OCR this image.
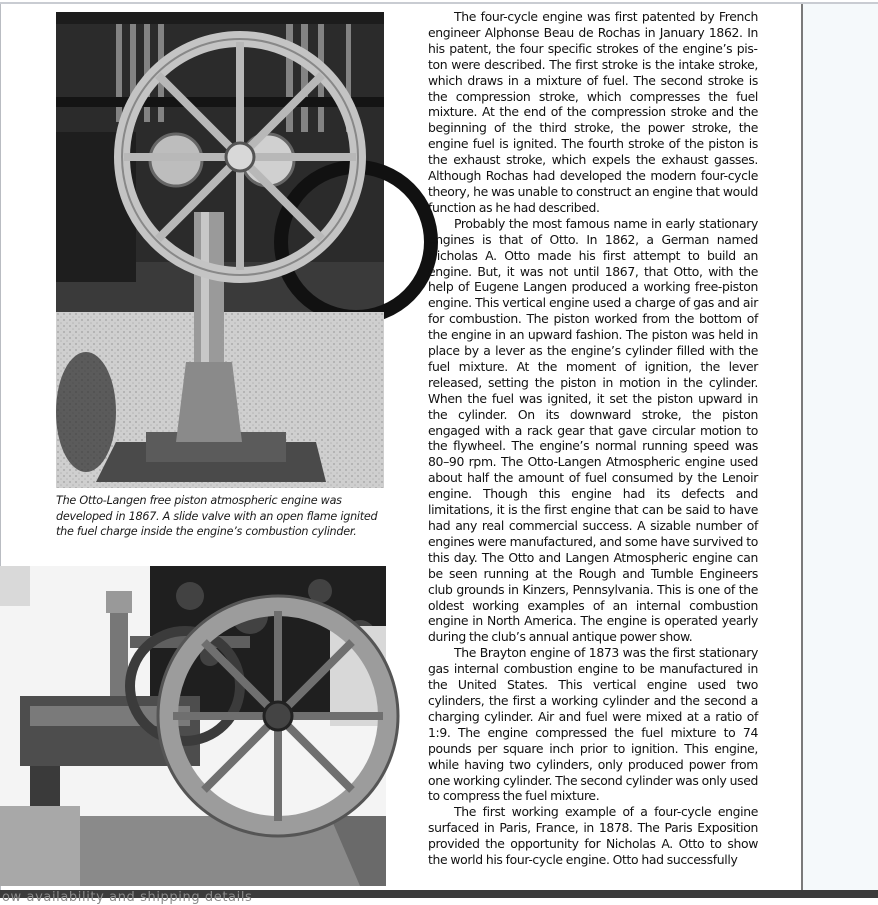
The Otto-Langen free piston atmospheric engine was developed in 1867. A slide valve with an open flame ignited the fuel charge inside the engine’s combustion cylinder.

The four-cycle engine was first patented by French engineer Alphonse Beau de Rochas in January 1862. In his patent, the four specific strokes of the engine’s piston were described. The first stroke is the intake stroke, which draws in a mixture of fuel. The second stroke is the compression stroke, which compresses the fuel mixture. At the end of the compression stroke and the beginning of the third stroke, the power stroke, the engine fuel is ignited. The fourth stroke of the piston is the exhaust stroke, which expels the exhaust gasses. Although Rochas had developed the modern four-cycle theory, he was unable to construct an engine that would function as he had described.

Probably the most famous name in early stationary engines is that of Otto. In 1862, a German named Nicholas A. Otto made his first attempt to build an engine. But, it was not until 1867, that Otto, with the help of Eugene Langen produced a working free-piston engine. This vertical engine used a charge of gas and air for combustion. The piston worked from the bottom of the engine in an upward fashion. The piston was held in place by a lever as the engine’s cylinder filled with the fuel mixture. At the moment of ignition, the lever released, setting the piston in motion in the cylinder. When the fuel was ignited, it set the piston upward in the cylinder. On its downward stroke, the piston engaged with a rack gear that gave circular motion to the flywheel. The engine’s normal running speed was 80–90 rpm. The Otto-Langen Atmospheric engine used about half the amount of fuel consumed by the Lenoir engine. Though this engine had its defects and limitations, it is the first engine that can be said to have had any real commercial success. A sizable number of engines were manufactured, and some have survived to this day. The Otto and Langen Atmospheric engine can be seen running at the Rough and Tumble Engineers club grounds in Kinzers, Pennsylvania. This is one of the oldest working examples of an internal combustion engine in North America. The engine is operated yearly during the club’s annual antique power show.

The Brayton engine of 1873 was the first stationary gas internal combustion engine to be manufactured in the United States. This vertical engine used two cylinders, the first a working cylinder and the second a charging cylinder. Air and fuel were mixed at a ratio of 1:9. The engine compressed the fuel mixture to 74 pounds per square inch prior to ignition. This engine, while having two cylinders, only produced power from one working cylinder. The second cylinder was only used to compress the fuel mixture.

The first working example of a four-cycle engine surfaced in Paris, France, in 1878. The Paris Exposition provided the opportunity for Nicholas A. Otto to show the world his four-cycle engine. Otto had successfully

ow availability and shipping details
